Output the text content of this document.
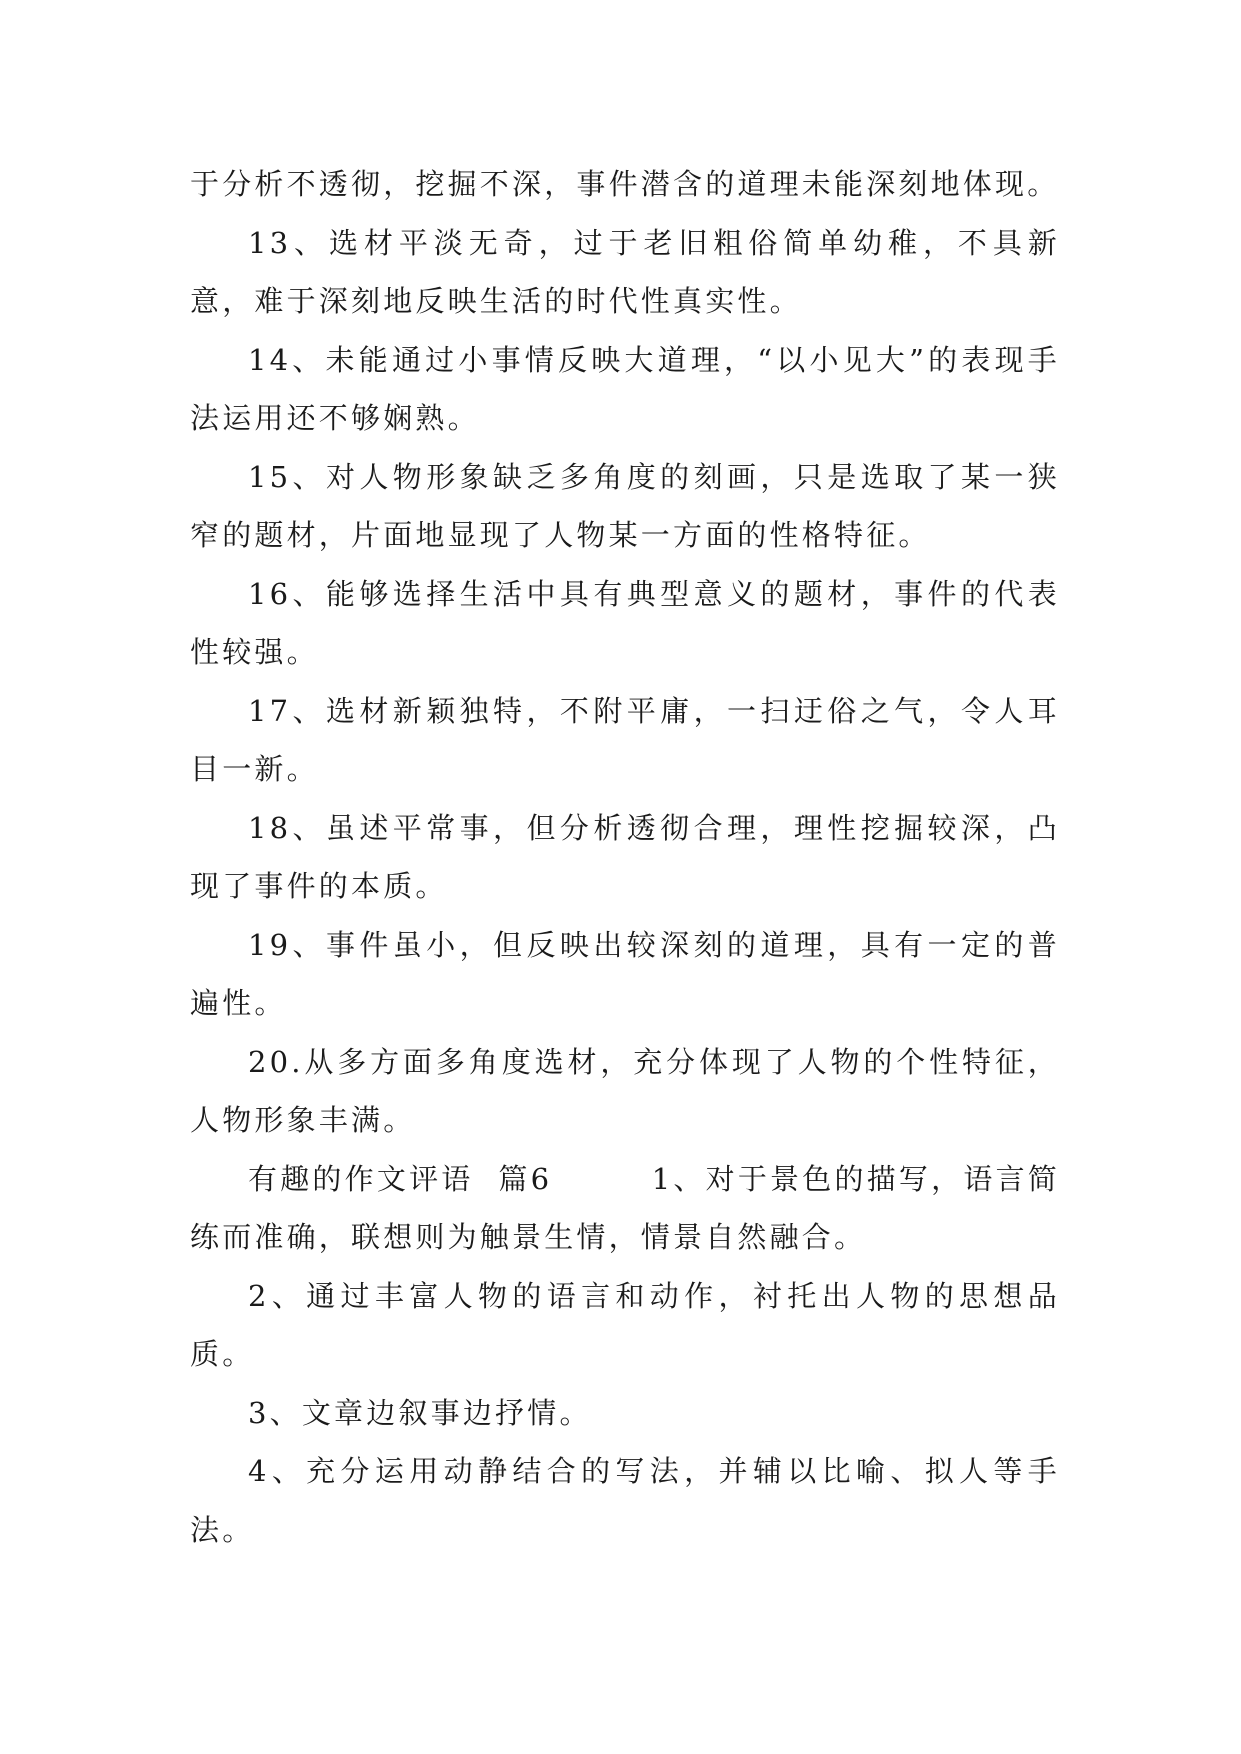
于分析不透彻，挖掘不深，事件潜含的道理未能深刻地体现。

13、选材平淡无奇，过于老旧粗俗简单幼稚，不具新意，难于深刻地反映生活的时代性真实性。

14、未能通过小事情反映大道理，“以小见大”的表现手法运用还不够娴熟。

15、对人物形象缺乏多角度的刻画，只是选取了某一狭窄的题材，片面地显现了人物某一方面的性格特征。

16、能够选择生活中具有典型意义的题材，事件的代表性较强。

17、选材新颖独特，不附平庸，一扫迂俗之气，令人耳目一新。

18、虽述平常事，但分析透彻合理，理性挖掘较深，凸现了事件的本质。

19、事件虽小，但反映出较深刻的道理，具有一定的普遍性。

20.从多方面多角度选材，充分体现了人物的个性特征，人物形象丰满。

有趣的作文评语  篇6        1、对于景色的描写，语言简练而准确，联想则为触景生情，情景自然融合。

2、通过丰富人物的语言和动作，衬托出人物的思想品质。

3、文章边叙事边抒情。

4、充分运用动静结合的写法，并辅以比喻、拟人等手法。
